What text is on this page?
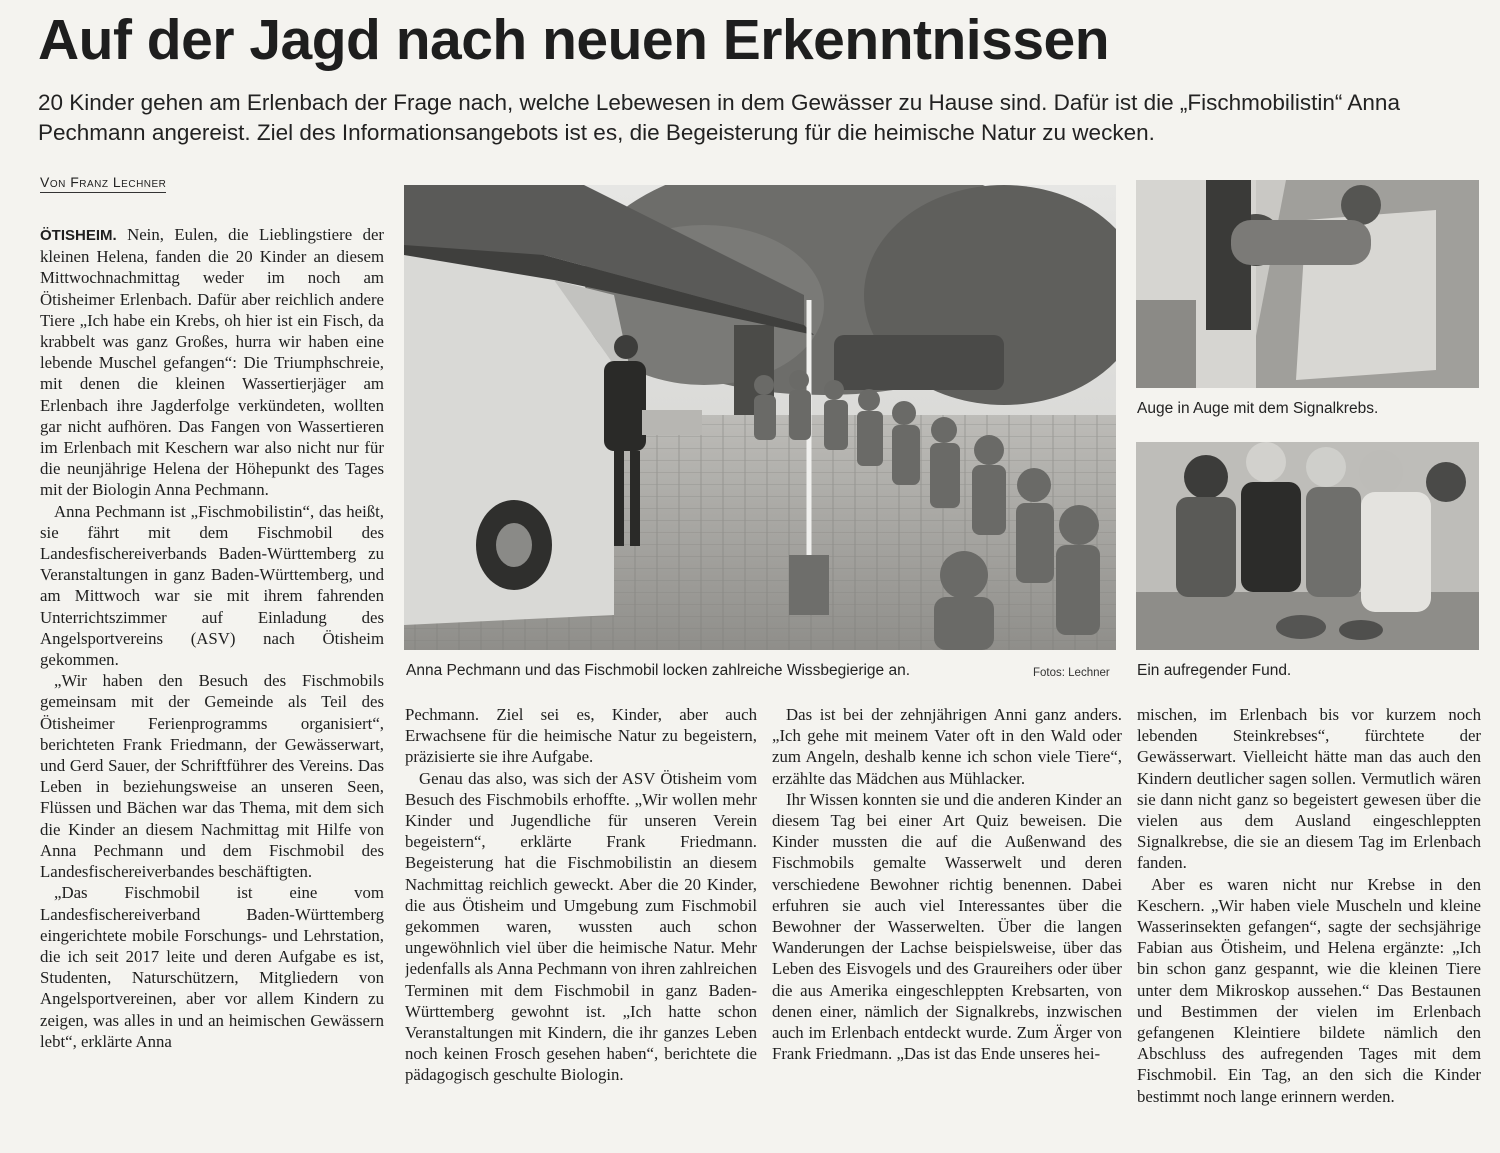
Auf der Jagd nach neuen Erkenntnissen
20 Kinder gehen am Erlenbach der Frage nach, welche Lebewesen in dem Gewässer zu Hause sind. Dafür ist die „Fischmobilistin“ Anna Pechmann angereist. Ziel des Informationsangebots ist es, die Begeisterung für die heimische Natur zu wecken.
Von Franz Lechner

ÖTISHEIM. Nein, Eulen, die Lieblingstiere der kleinen Helena, fanden die 20 Kinder an diesem Mittwochnachmittag weder im noch am Ötisheimer Erlenbach. Dafür aber reichlich andere Tiere „Ich habe ein Krebs, oh hier ist ein Fisch, da krabbelt was ganz Großes, hurra wir haben eine lebende Muschel gefangen“: Die Triumphschreie, mit denen die kleinen Wassertierjäger am Erlenbach ihre Jagderfolge verkündeten, wollten gar nicht aufhören. Das Fangen von Wassertieren im Erlenbach mit Keschern war also nicht nur für die neunjährige Helena der Höhepunkt des Tages mit der Biologin Anna Pechmann.

Anna Pechmann ist „Fischmobilistin“, das heißt, sie fährt mit dem Fischmobil des Landesfischereiverbands Baden-Württemberg zu Veranstaltungen in ganz Baden-Württemberg, und am Mittwoch war sie mit ihrem fahrenden Unterrichtszimmer auf Einladung des Angelsportvereins (ASV) nach Ötisheim gekommen.

„Wir haben den Besuch des Fischmobils gemeinsam mit der Gemeinde als Teil des Ötisheimer Ferienprogramms organisiert“, berichteten Frank Friedmann, der Gewässerwart, und Gerd Sauer, der Schriftführer des Vereins. Das Leben in beziehungsweise an unseren Seen, Flüssen und Bächen war das Thema, mit dem sich die Kinder an diesem Nachmittag mit Hilfe von Anna Pechmann und dem Fischmobil des Landesfischereiverbandes beschäftigten.

„Das Fischmobil ist eine vom Landesfischereiverband Baden-Württemberg eingerichtete mobile Forschungs- und Lehrstation, die ich seit 2017 leite und deren Aufgabe es ist, Studenten, Naturschützern, Mitgliedern von Angelsportvereinen, aber vor allem Kindern zu zeigen, was alles in und an heimischen Gewässern lebt“, erklärte Anna

Anna Pechmann und das Fischmobil locken zahlreiche Wissbegierige an.	Fotos: Lechner
Auge in Auge mit dem Signalkrebs.
Ein aufregender Fund.

Pechmann. Ziel sei es, Kinder, aber auch Erwachsene für die heimische Natur zu begeistern, präzisierte sie ihre Aufgabe.

Genau das also, was sich der ASV Ötisheim vom Besuch des Fischmobils erhoffte. „Wir wollen mehr Kinder und Jugendliche für unseren Verein begeistern“, erklärte Frank Friedmann. Begeisterung hat die Fischmobilistin an diesem Nachmittag reichlich geweckt. Aber die 20 Kinder, die aus Ötisheim und Umgebung zum Fischmobil gekommen waren, wussten auch schon ungewöhnlich viel über die heimische Natur. Mehr jedenfalls als Anna Pechmann von ihren zahlreichen Terminen mit dem Fischmobil in ganz Baden-Württemberg gewohnt ist. „Ich hatte schon Veranstaltungen mit Kindern, die ihr ganzes Leben noch keinen Frosch gesehen haben“, berichtete die pädagogisch geschulte Biologin.

Das ist bei der zehnjährigen Anni ganz anders. „Ich gehe mit meinem Vater oft in den Wald oder zum Angeln, deshalb kenne ich schon viele Tiere“, erzählte das Mädchen aus Mühlacker.

Ihr Wissen konnten sie und die anderen Kinder an diesem Tag bei einer Art Quiz beweisen. Die Kinder mussten die auf die Außenwand des Fischmobils gemalte Wasserwelt und deren verschiedene Bewohner richtig benennen. Dabei erfuhren sie auch viel Interessantes über die Bewohner der Wasserwelten. Über die langen Wanderungen der Lachse beispielsweise, über das Leben des Eisvogels und des Graureihers oder über die aus Amerika eingeschleppten Krebsarten, von denen einer, nämlich der Signalkrebs, inzwischen auch im Erlenbach entdeckt wurde. Zum Ärger von Frank Friedmann. „Das ist das Ende unseres hei-

mischen, im Erlenbach bis vor kurzem noch lebenden Steinkrebses“, fürchtete der Gewässerwart. Vielleicht hätte man das auch den Kindern deutlicher sagen sollen. Vermutlich wären sie dann nicht ganz so begeistert gewesen über die vielen aus dem Ausland eingeschleppten Signalkrebse, die sie an diesem Tag im Erlenbach fanden.

Aber es waren nicht nur Krebse in den Keschern. „Wir haben viele Muscheln und kleine Wasserinsekten gefangen“, sagte der sechsjährige Fabian aus Ötisheim, und Helena ergänzte: „Ich bin schon ganz gespannt, wie die kleinen Tiere unter dem Mikroskop aussehen.“ Das Bestaunen und Bestimmen der vielen im Erlenbach gefangenen Kleintiere bildete nämlich den Abschluss des aufregenden Tages mit dem Fischmobil. Ein Tag, an den sich die Kinder bestimmt noch lange erinnern werden.
